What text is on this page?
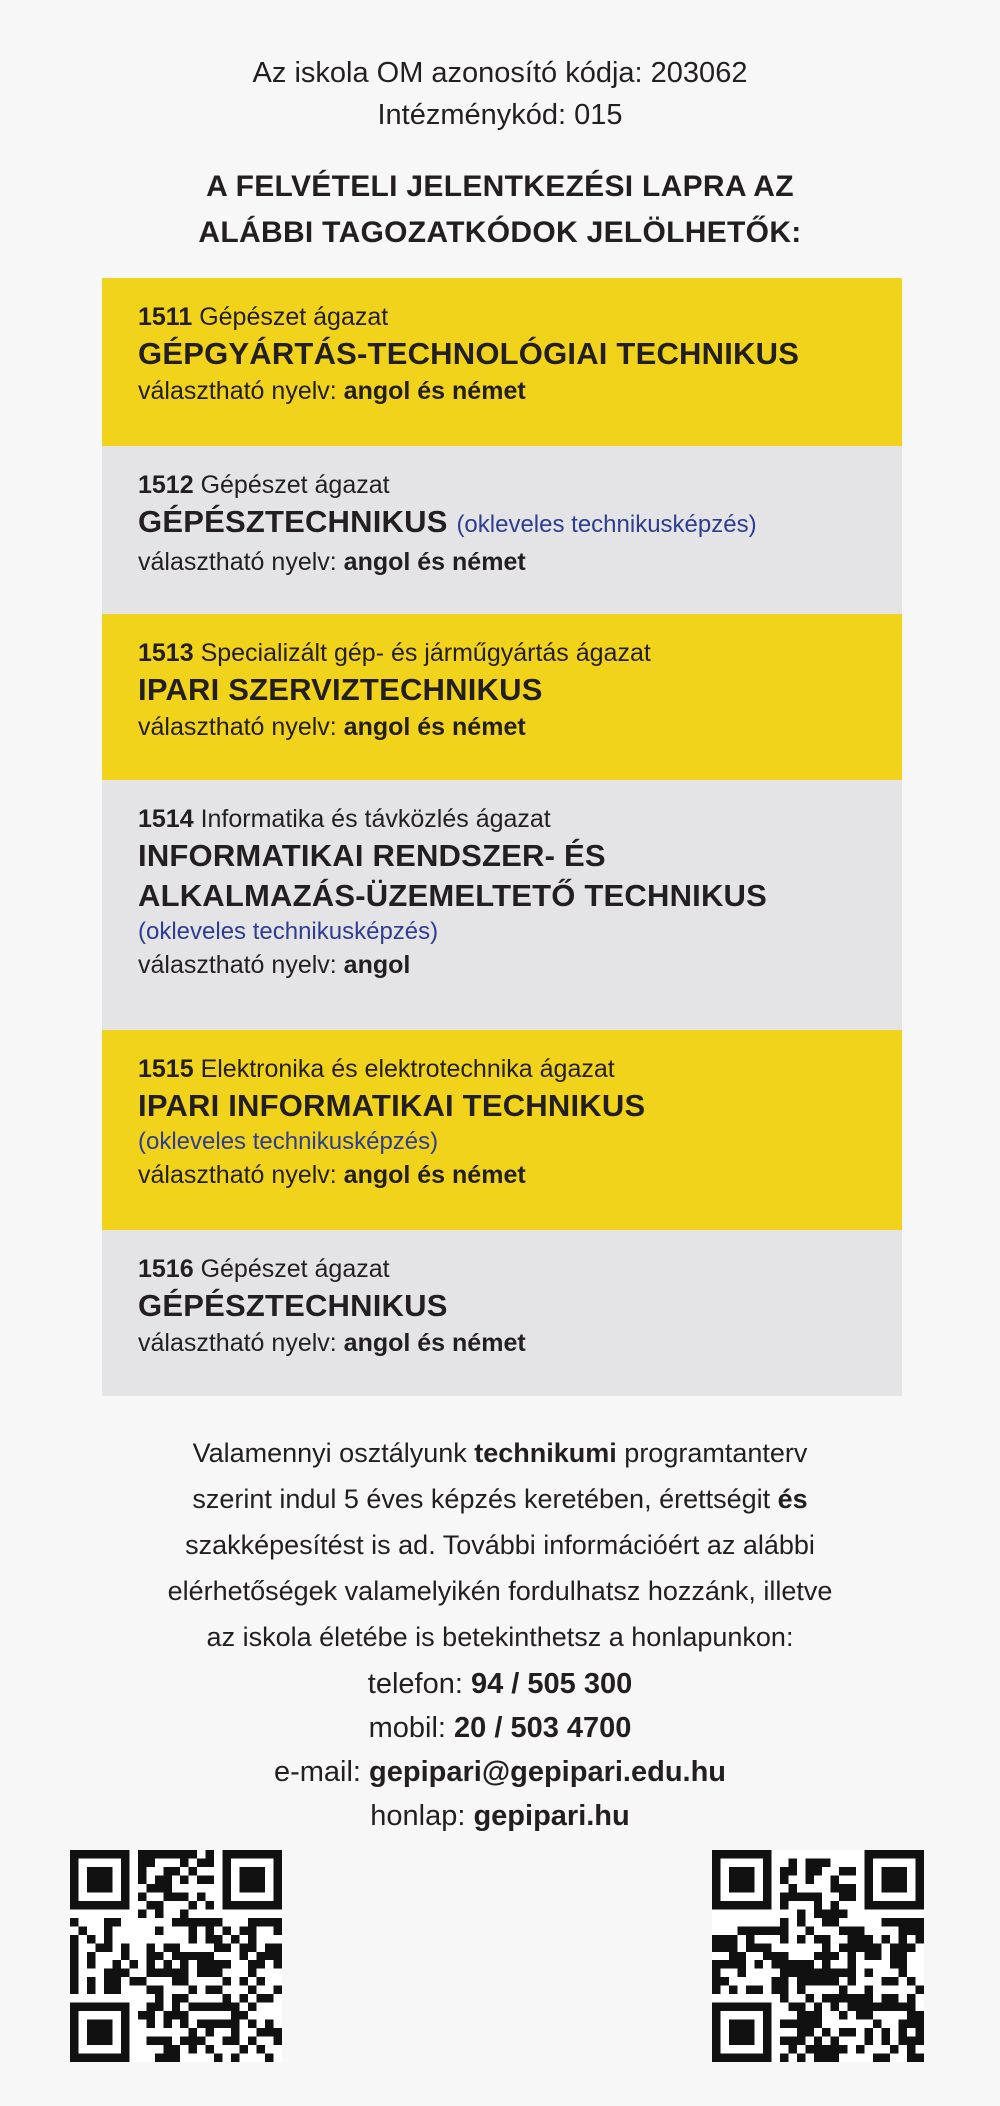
Az iskola OM azonosító kódja: 203062
Intézménykód: 015
A FELVÉTELI JELENTKEZÉSI LAPRA AZ
ALÁBBI TAGOZATKÓDOK JELÖLHETŐK:
1511 Gépészet ágazat
GÉPGYÁRTÁS-TECHNOLÓGIAI TECHNIKUS
választható nyelv: angol és német
1512 Gépészet ágazat
GÉPÉSZTECHNIKUS (okleveles technikusképzés)
választható nyelv: angol és német
1513 Specializált gép- és járműgyártás ágazat
IPARI SZERVIZTECHNIKUS
választható nyelv: angol és német
1514 Informatika és távközlés ágazat
INFORMATIKAI RENDSZER- ÉS
ALKALMAZÁS-ÜZEMELTETŐ TECHNIKUS
(okleveles technikusképzés)
választható nyelv: angol
1515 Elektronika és elektrotechnika ágazat
IPARI INFORMATIKAI TECHNIKUS
(okleveles technikusképzés)
választható nyelv: angol és német
1516 Gépészet ágazat
GÉPÉSZTECHNIKUS
választható nyelv: angol és német
Valamennyi osztályunk technikumi programtanterv
szerint indul 5 éves képzés keretében, érettségit és
szakképesítést is ad. További információért az alábbi
elérhetőségek valamelyikén fordulhatsz hozzánk, illetve
az iskola életébe is betekinthetsz a honlapunkon:
telefon: 94 / 505 300
mobil: 20 / 503 4700
e-mail: gepipari@gepipari.edu.hu
honlap: gepipari.hu
